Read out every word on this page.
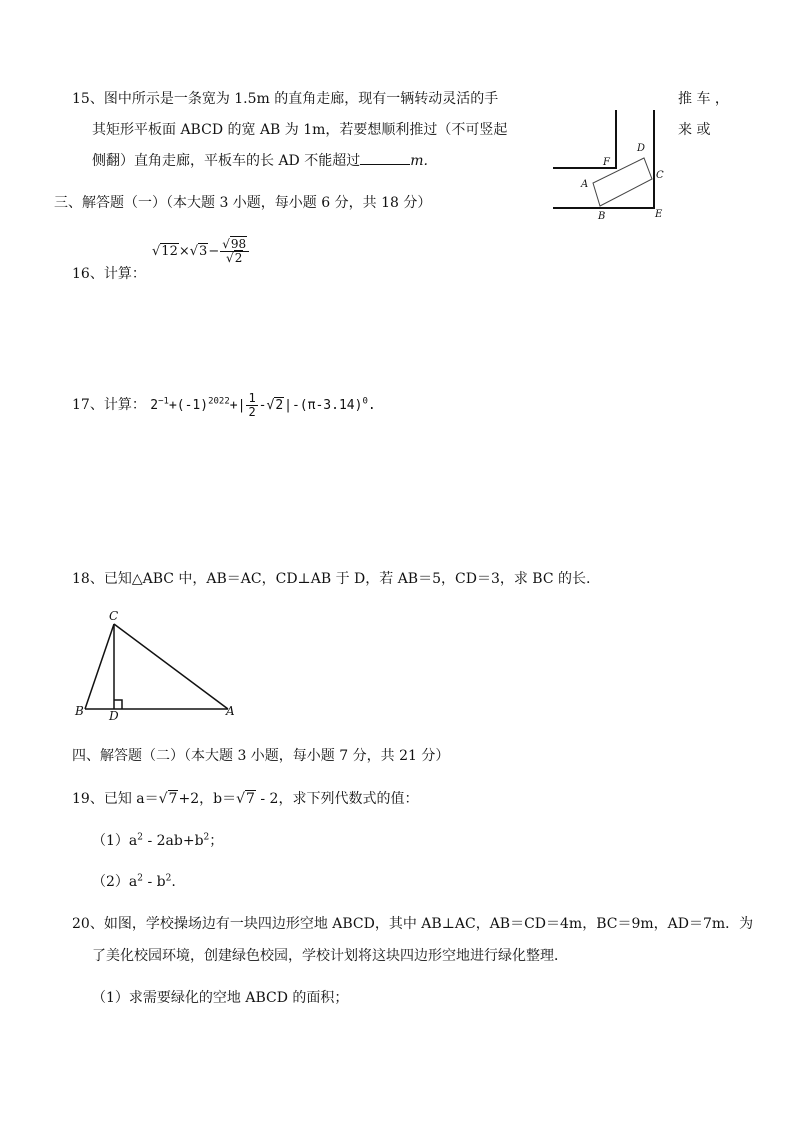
15、图中所示是一条宽为 1.5m 的直角走廊，现有一辆转动灵活的手	推 车 ，
其矩形平板面 ABCD 的宽 AB 为 1m，若要想顺利推过（不可竖起	来 或
侧翻）直角走廊，平板车的长 AD 不能超过	m.	F
D
C
A
B	E
三、解答题（一）（本大题 3 小题，每小题 6 分，共 18 分）
16、计算：
$√12\times√3- \frac{√98}{√2}$
17、计算： $2^{-1}+(-1)^{2022}+| \frac{1}{2} -√2|-(\pi-3.14)^0$.
18、已知△ABC 中，AB＝AC，CD⊥AB 于 D，若 AB＝5，CD＝3，求 BC 的长.
C
B D	A
四、解答题（二）（本大题 3 小题，每小题 7 分，共 21 分）
19、已知 a＝√7+2，b＝√7 - 2，求下列代数式的值：
$(1)a^2 - 2ab+b^2$；
$(2)a^2 - b^2$.
20、如图，学校操场边有一块四边形空地 ABCD，其中 AB⊥AC，AB＝CD＝4m，BC＝9m，AD＝7m．为
了美化校园环境，创建绿色校园，学校计划将这块四边形空地进行绿化整理．
（1）求需要绿化的空地 ABCD 的面积；
